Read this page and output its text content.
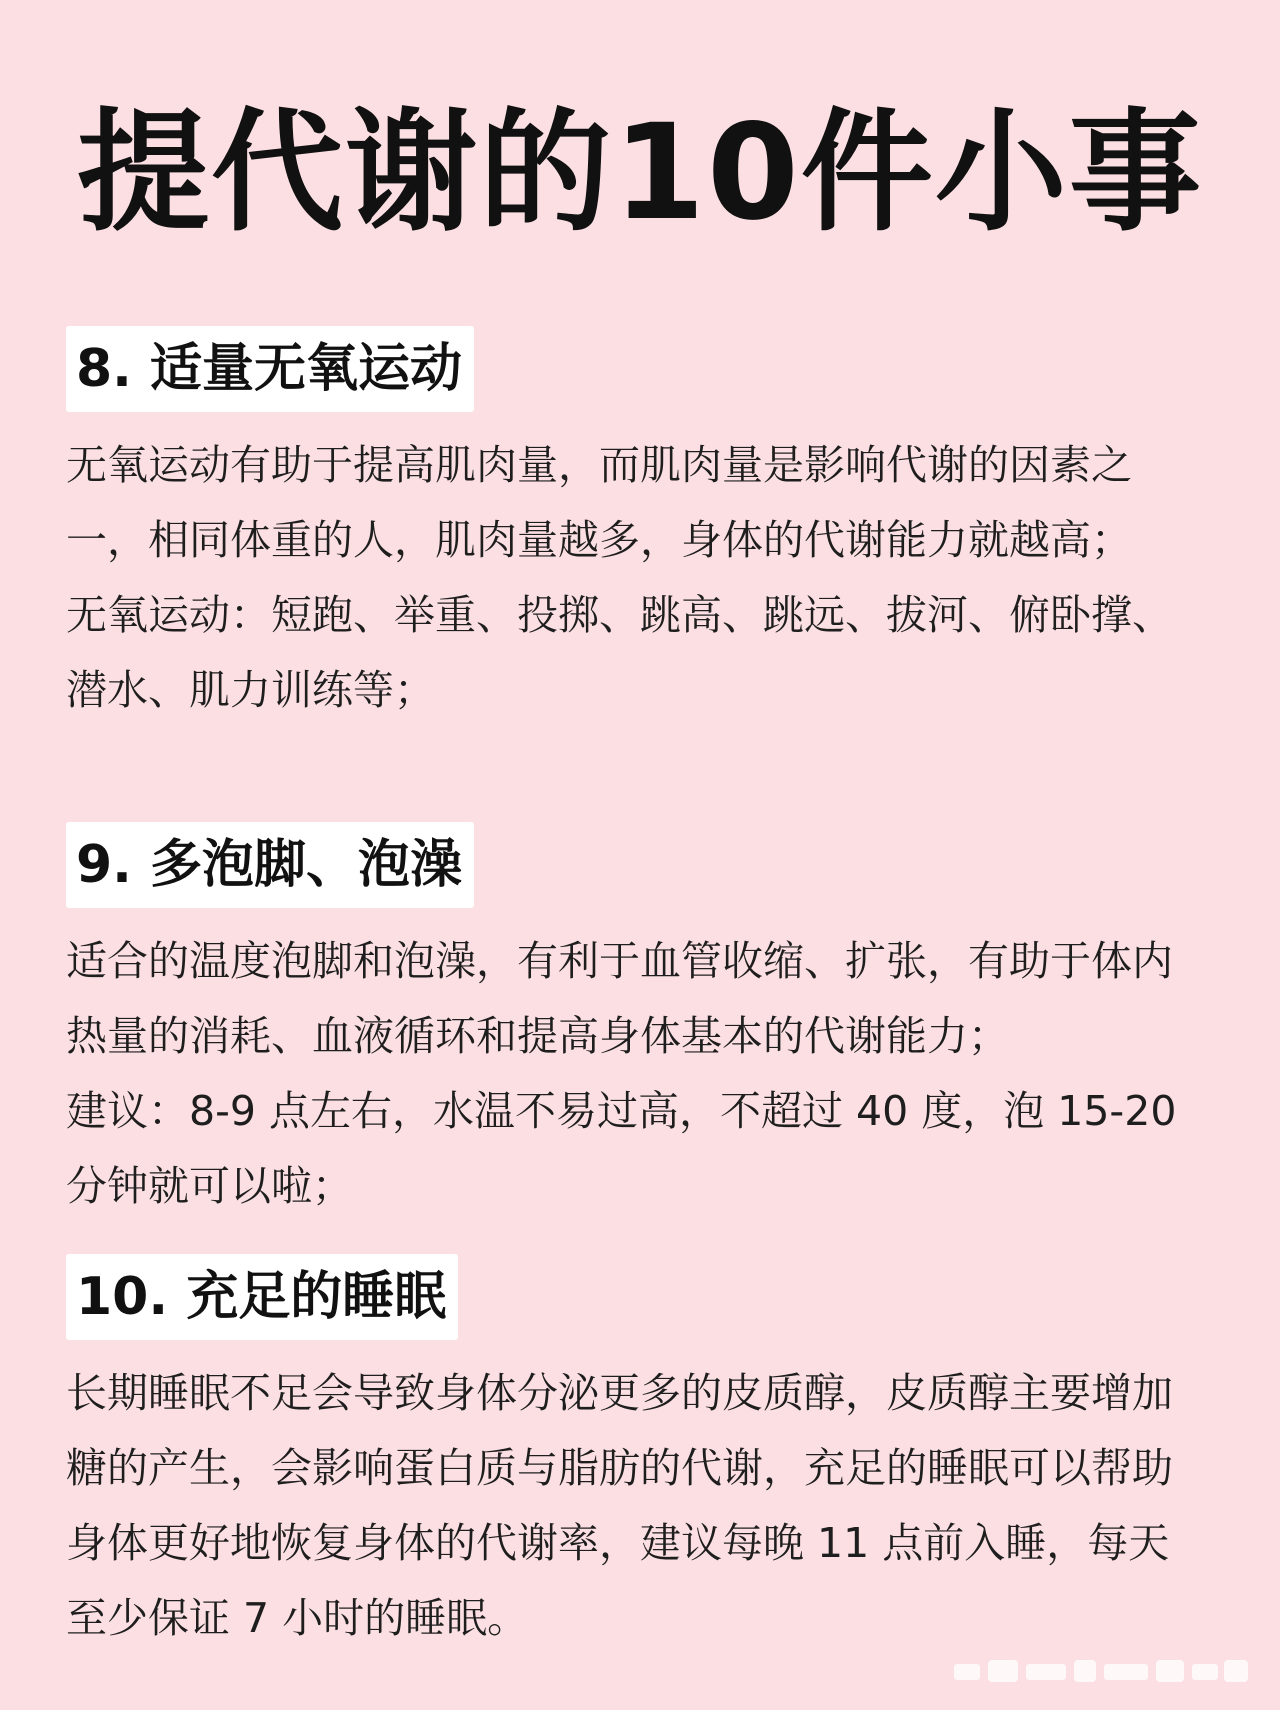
提代谢的10件小事
8. 适量无氧运动

无氧运动有助于提高肌肉量，而肌肉量是影响代谢的因素之一，相同体重的人，肌肉量越多，身体的代谢能力就越高；

无氧运动：短跑、举重、投掷、跳高、跳远、拔河、俯卧撑、潜水、肌力训练等；

9. 多泡脚、泡澡

适合的温度泡脚和泡澡，有利于血管收缩、扩张，有助于体内热量的消耗、血液循环和提高身体基本的代谢能力；

建议：8-9 点左右，水温不易过高，不超过 40 度，泡 15-20 分钟就可以啦；

10. 充足的睡眠

长期睡眠不足会导致身体分泌更多的皮质醇，皮质醇主要增加糖的产生，会影响蛋白质与脂肪的代谢，充足的睡眠可以帮助身体更好地恢复身体的代谢率，建议每晚 11 点前入睡，每天至少保证 7 小时的睡眠。
